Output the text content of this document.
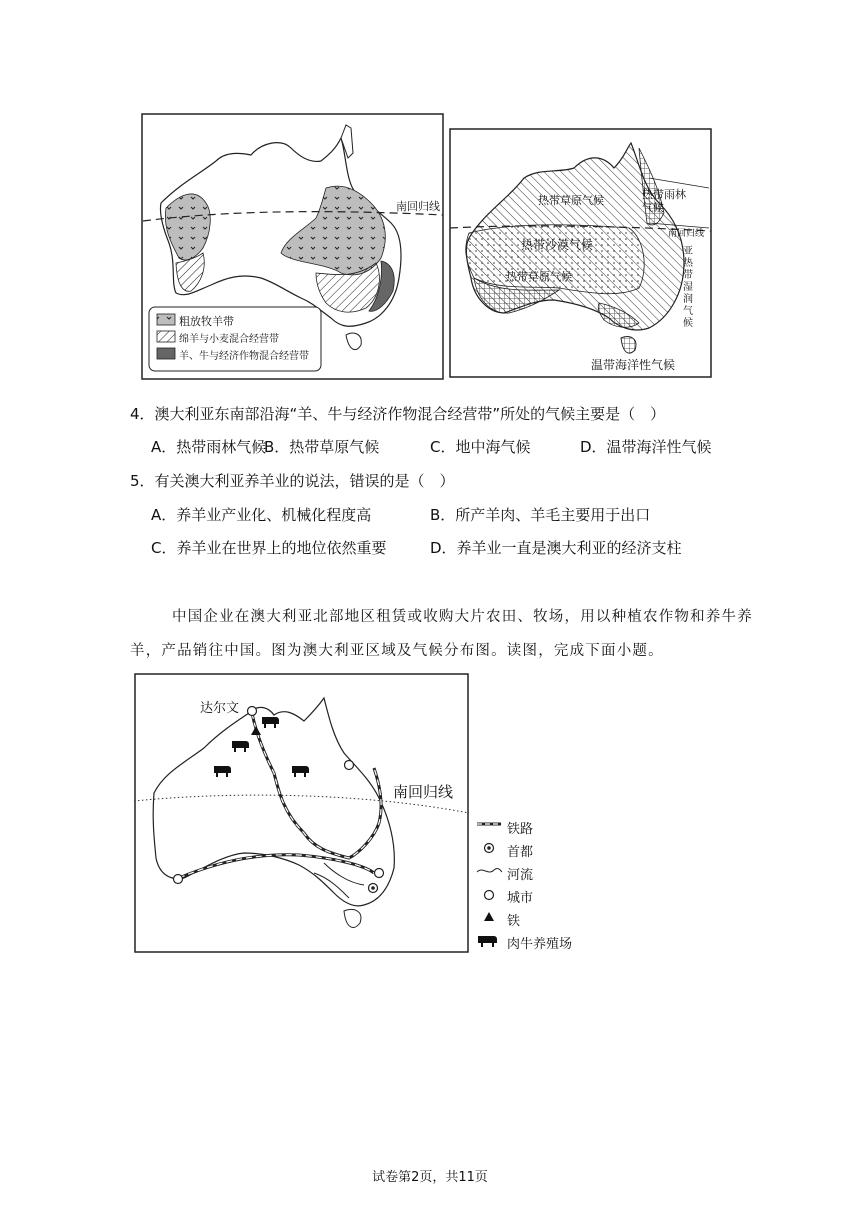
南回归线
粗放牧羊带
绵羊与小麦混合经营带
羊、牛与经济作物混合经营带
热带雨林气候
热带草原气候
热带沙漠气候
热带草原气候
南回归线
亚热带湿润气候
温带海洋性气候
4．澳大利亚东南部沿海“羊、牛与经济作物混合经营带”所处的气候主要是（　）
A．热带雨林气候
B．热带草原气候	C．地中海气候	D．温带海洋性气候
5．有关澳大利亚养羊业的说法，错误的是（　）
A．养羊业产业化、机械化程度高	B．所产羊肉、羊毛主要用于出口
C．养羊业在世界上的地位依然重要	D．养羊业一直是澳大利亚的经济支柱
中国企业在澳大利亚北部地区租赁或收购大片农田、牧场，用以种植农作物和养牛养
羊，产品销往中国。图为澳大利亚区域及气候分布图。读图，完成下面小题。
达尔文
南回归线
铁路
首都
河流
城市
铁
肉牛养殖场
试卷第2页，共11页
